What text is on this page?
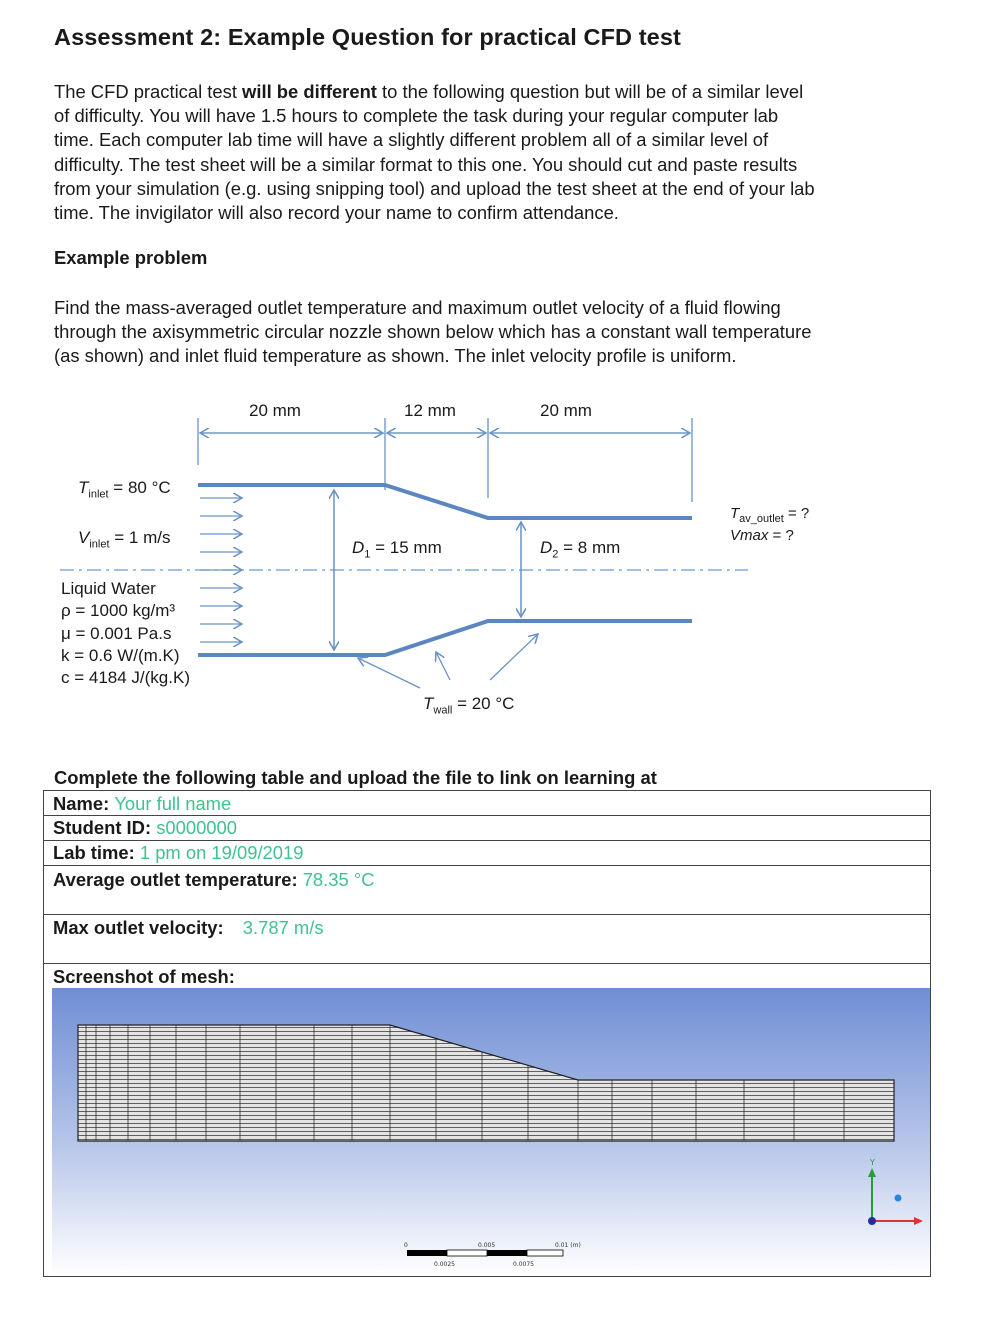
Assessment 2: Example Question for practical CFD test
The CFD practical test will be different to the following question but will be of a similar level
of difficulty. You will have 1.5 hours to complete the task during your regular computer lab
time. Each computer lab time will have a slightly different problem all of a similar level of
difficulty. The test sheet will be a similar format to this one. You should cut and paste results
from your simulation (e.g. using snipping tool) and upload the test sheet at the end of your lab
time. The invigilator will also record your name to confirm attendance.
Example problem
Find the mass-averaged outlet temperature and maximum outlet velocity of a fluid flowing
through the axisymmetric circular nozzle shown below which has a constant wall temperature
(as shown) and inlet fluid temperature as shown. The inlet velocity profile is uniform.
20 mm	12 mm	20 mm
$T_{inlet} = 80$ °C
$V_{inlet} = 1$ m/s
Liquid Water
ρ = 1000 kg/m³
μ = 0.001 Pa.s
k = 0.6 W/(m.K)
c = 4184 J/(kg.K)
$D_1 = 15$ mm	$D_2 = 8$ mm
$T_{av\_outlet}$ = ?
Vmax = ?
$T_{wall} = 20$ °C
Complete the following table and upload the file to link on learning at
Name: Your full name
Student ID: s0000000
Lab time: 1 pm on 19/09/2019
Average outlet temperature: 78.35 °C
Max outlet velocity: 3.787 m/s
Screenshot of mesh:
Y
0	0.005	0.01 (m)
0.0025	0.0075
